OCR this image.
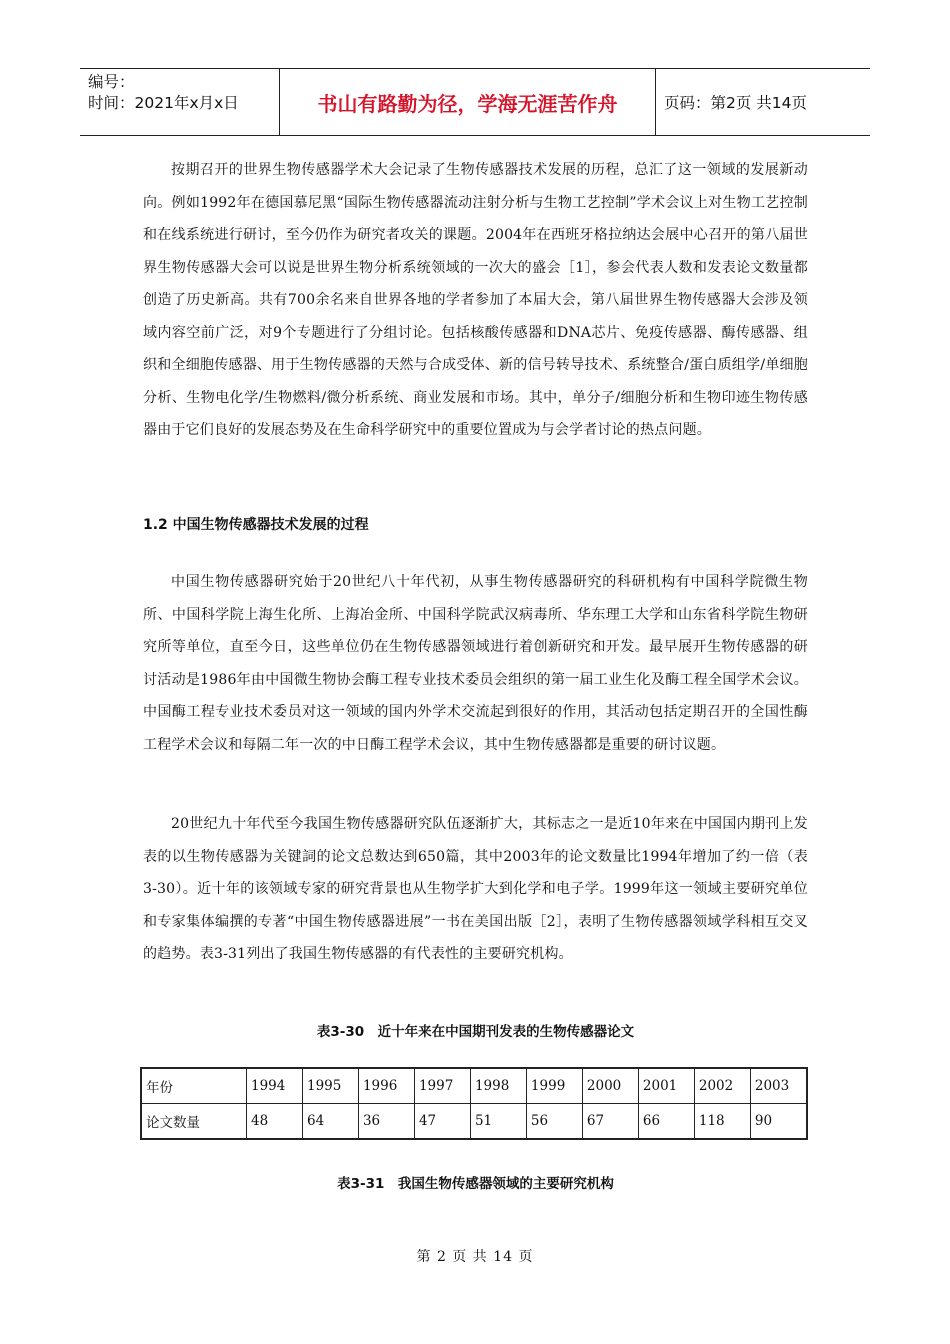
编号：
时间：2021年x月x日	书山有路勤为径，学海无涯苦作舟	页码：第2页 共14页

按期召开的世界生物传感器学术大会记录了生物传感器技术发展的历程，总汇了这一领域的发展新动向。例如1992年在德国慕尼黑“国际生物传感器流动注射分析与生物工艺控制”学术会议上对生物工艺控制和在线系统进行研讨，至今仍作为研究者攻关的课题。2004年在西班牙格拉纳达会展中心召开的第八届世界生物传感器大会可以说是世界生物分析系统领域的一次大的盛会［1］，参会代表人数和发表论文数量都创造了历史新高。共有700余名来自世界各地的学者参加了本届大会，第八届世界生物传感器大会涉及领域内容空前广泛，对9个专题进行了分组讨论。包括核酸传感器和DNA芯片、免疫传感器、酶传感器、组织和全细胞传感器、用于生物传感器的天然与合成受体、新的信号转导技术、系统整合/蛋白质组学/单细胞分析、生物电化学/生物燃料/微分析系统、商业发展和市场。其中，单分子/细胞分析和生物印迹生物传感器由于它们良好的发展态势及在生命科学研究中的重要位置成为与会学者讨论的热点问题。

1.2 中国生物传感器技术发展的过程

中国生物传感器研究始于20世纪八十年代初，从事生物传感器研究的科研机构有中国科学院微生物所、中国科学院上海生化所、上海冶金所、中国科学院武汉病毒所、华东理工大学和山东省科学院生物研究所等单位，直至今日，这些单位仍在生物传感器领域进行着创新研究和开发。最早展开生物传感器的研讨活动是1986年由中国微生物协会酶工程专业技术委员会组织的第一届工业生化及酶工程全国学术会议。中国酶工程专业技术委员对这一领域的国内外学术交流起到很好的作用，其活动包括定期召开的全国性酶工程学术会议和每隔二年一次的中日酶工程学术会议，其中生物传感器都是重要的研讨议题。

20世纪九十年代至今我国生物传感器研究队伍逐渐扩大，其标志之一是近10年来在中国国内期刊上发表的以生物传感器为关键詞的论文总数达到650篇，其中2003年的论文数量比1994年增加了约一倍（表3-30）。近十年的该领域专家的研究背景也从生物学扩大到化学和电子学。1999年这一领域主要研究单位和专家集体编撰的专著“中国生物传感器进展”一书在美国出版［2］，表明了生物传感器领域学科相互交叉的趋势。表3-31列出了我国生物传感器的有代表性的主要研究机构。

表3-30　近十年来在中国期刊发表的生物传感器论文
年份	1994	1995	1996	1997	1998	1999	2000	2001	2002	2003
论文数量	48	64	36	47	51	56	67	66	118	90
表3-31　我国生物传感器领域的主要研究机构
第 2 页 共 14 页
